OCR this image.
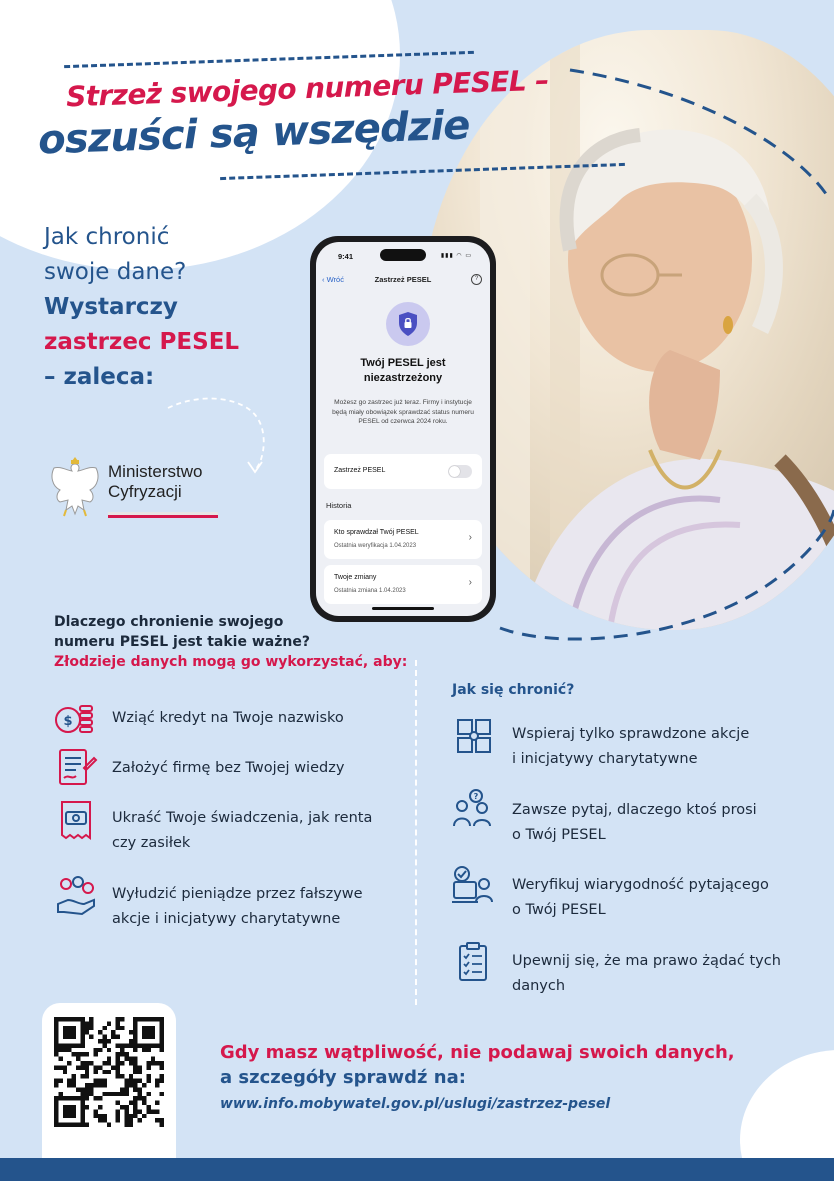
Strzeż swojego numeru PESEL –
oszuści są wszędzie
Jak chronić
swoje dane?
Wystarczy
zastrzec PESEL
– zaleca:
Ministerstwo
Cyfryzacji
9:41	▮▮▮ ◠ ▭
Zastrzeż PESEL
‹ Wróć	?
Twój PESEL jest
niezastrzeżony
Możesz go zastrzec już teraz. Firmy i instytucje będą miały obowiązek sprawdzać status numeru PESEL od czerwca 2024 roku.
Zastrzeż PESEL
Historia
Kto sprawdzał Twój PESEL
Ostatnia weryfikacja 1.04.2023
›
Twoje zmiany
Ostatnia zmiana 1.04.2023
›
Dlaczego chronienie swojego
numeru PESEL jest takie ważne?
Złodzieje danych mogą go wykorzystać, aby:
$	Wziąć kredyt na Twoje nazwisko
Założyć firmę bez Twojej wiedzy
Ukraść Twoje świadczenia, jak renta
czy zasiłek
Wyłudzić pieniądze przez fałszywe
akcje i inicjatywy charytatywne
Jak się chronić?
Wspieraj tylko sprawdzone akcje
i inicjatywy charytatywne
?
Zawsze pytaj, dlaczego ktoś prosi
o Twój PESEL
Weryfikuj wiarygodność pytającego
o Twój PESEL
Upewnij się, że ma prawo żądać tych
danych
Gdy masz wątpliwość, nie podawaj swoich danych,
a szczegóły sprawdź na:
www.info.mobywatel.gov.pl/uslugi/zastrzez-pesel
